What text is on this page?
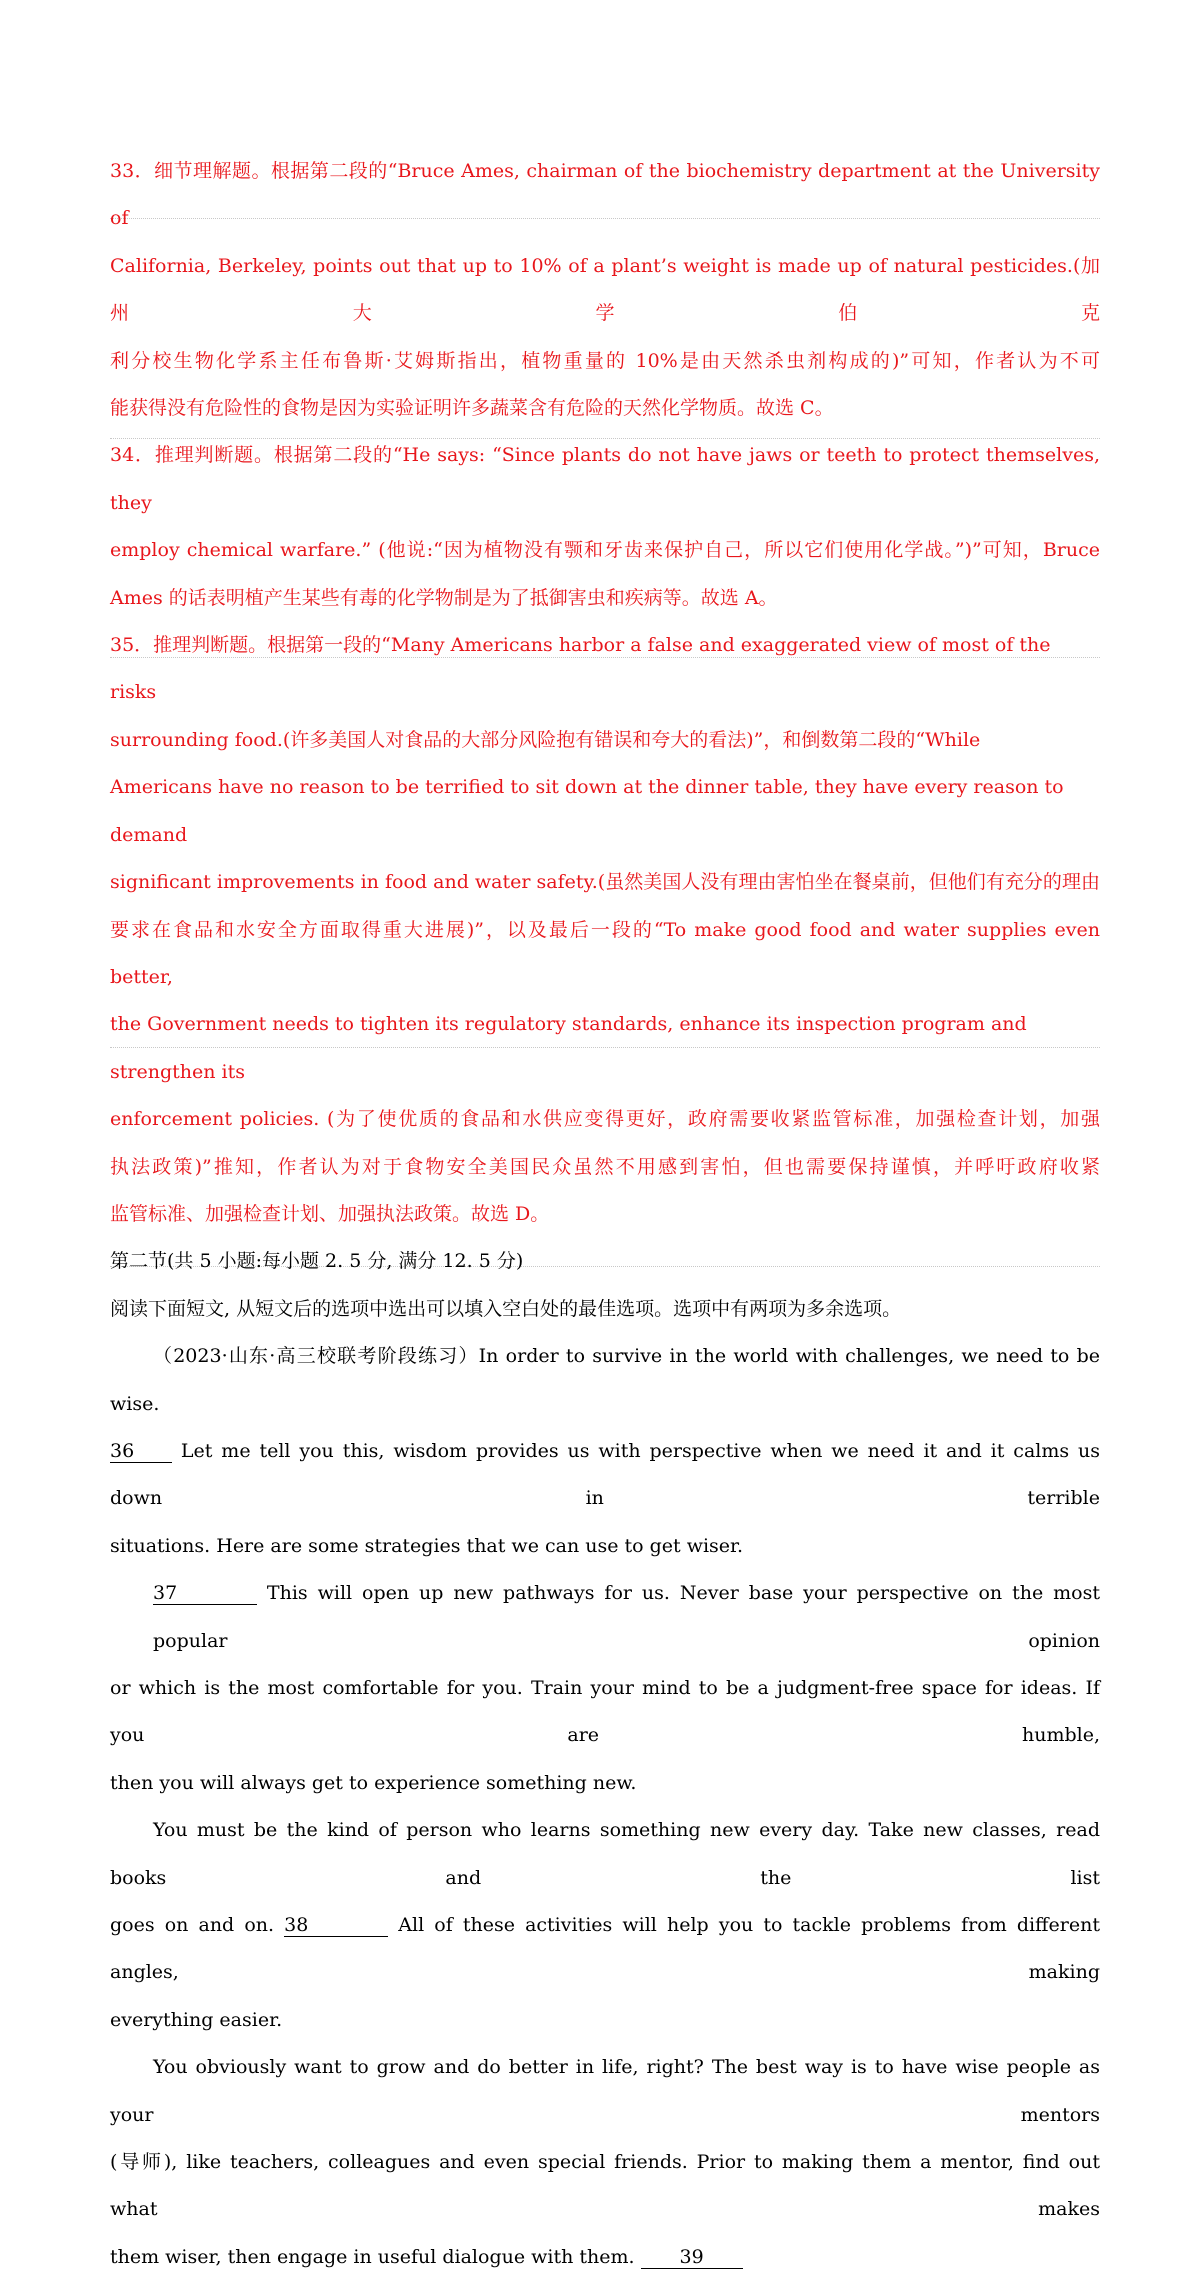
33．细节理解题。根据第二段的“Bruce Ames, chairman of the biochemistry department at the University of

California, Berkeley, points out that up to 10% of a plant’s weight is made up of natural pesticides.(加州大学伯克

利分校生物化学系主任布鲁斯·艾姆斯指出，植物重量的 10%是由天然杀虫剂构成的)”可知，作者认为不可

能获得没有危险性的食物是因为实验证明许多蔬菜含有危险的天然化学物质。故选 C。

34．推理判断题。根据第二段的“He says: “Since plants do not have jaws or teeth to protect themselves, they

employ chemical warfare.” (他说:“因为植物没有颚和牙齿来保护自己，所以它们使用化学战。”)”可知，Bruce

Ames 的话表明植产生某些有毒的化学物制是为了抵御害虫和疾病等。故选 A。

35．推理判断题。根据第一段的“Many Americans harbor a false and exaggerated view of most of the risks

surrounding food.(许多美国人对食品的大部分风险抱有错误和夸大的看法)”，和倒数第二段的“While

Americans have no reason to be terrified to sit down at the dinner table, they have every reason to demand

significant improvements in food and water safety.(虽然美国人没有理由害怕坐在餐桌前，但他们有充分的理由

要求在食品和水安全方面取得重大进展)”，以及最后一段的“To make good food and water supplies even better,

the Government needs to tighten its regulatory standards, enhance its inspection program and strengthen its

enforcement policies. (为了使优质的食品和水供应变得更好，政府需要收紧监管标准，加强检查计划，加强

执法政策)”推知，作者认为对于食物安全美国民众虽然不用感到害怕，但也需要保持谨慎，并呼吁政府收紧

监管标准、加强检查计划、加强执法政策。故选 D。

第二节(共 5 小题:每小题 2. 5 分, 满分 12. 5 分)

阅读下面短文, 从短文后的选项中选出可以填入空白处的最佳选项。选项中有两项为多余选项。

（2023·山东·高三校联考阶段练习）In order to survive in the world with challenges, we need to be wise.

36 Let me tell you this, wisdom provides us with perspective when we need it and it calms us down in terrible

situations. Here are some strategies that we can use to get wiser.

37	This will open up new pathways for us. Never base your perspective on the most popular opinion

or which is the most comfortable for you. Train your mind to be a judgment-free space for ideas. If you are humble,

then you will always get to experience something new.

You must be the kind of person who learns something new every day. Take new classes, read books and the list

goes on and on. 38	All of these activities will help you to tackle problems from different angles, making

everything easier.

You obviously want to grow and do better in life, right? The best way is to have wise people as your mentors

(导师), like teachers, colleagues and even special friends. Prior to making them a mentor, find out what makes

them wiser, then engage in useful dialogue with them. 39
